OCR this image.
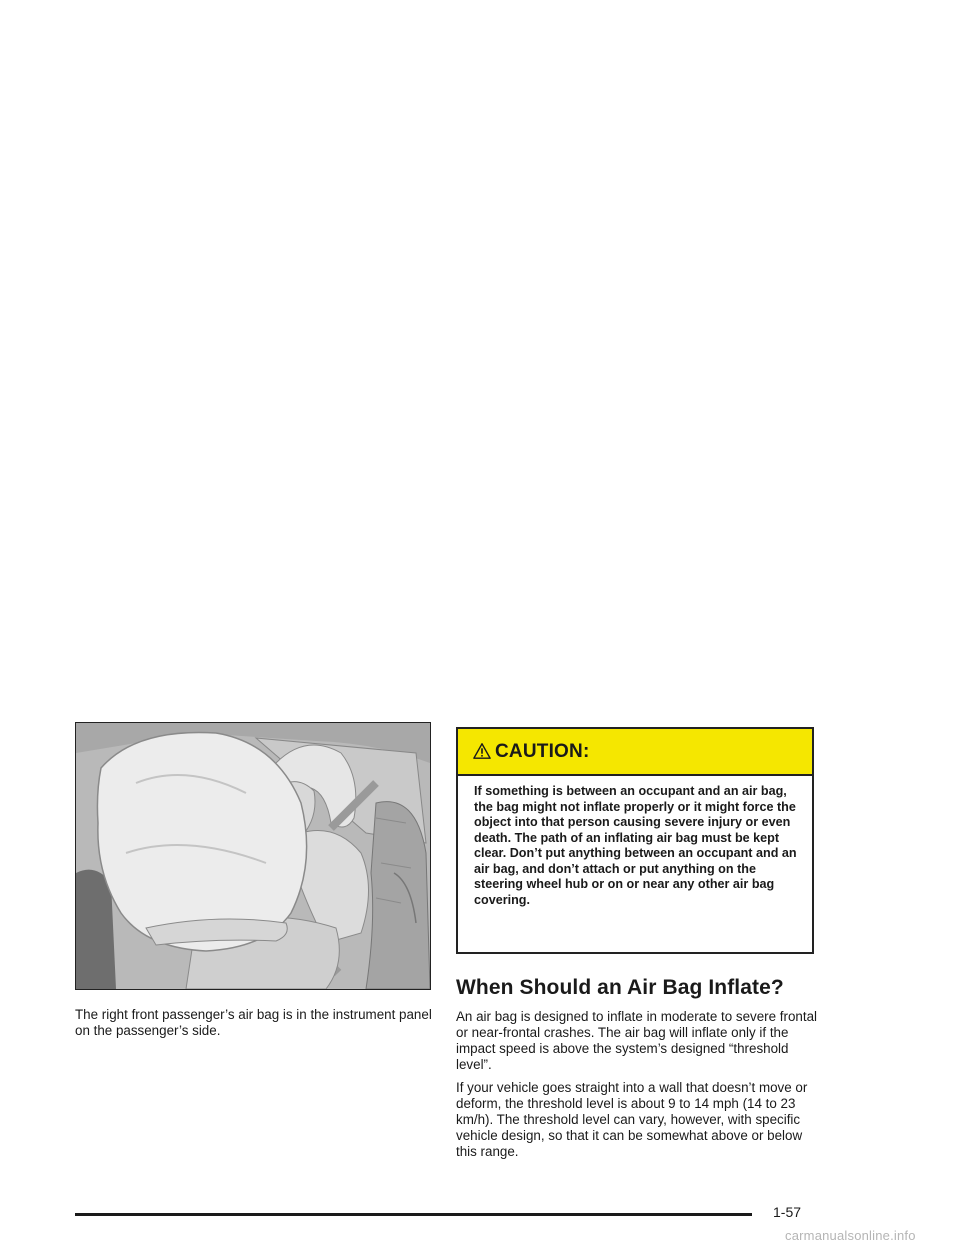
The right front passenger’s air bag is in the instrument panel on the passenger’s side.

CAUTION:

If something is between an occupant and an air bag, the bag might not inflate properly or it might force the object into that person causing severe injury or even death. The path of an inflating air bag must be kept clear. Don’t put anything between an occupant and an air bag, and don’t attach or put anything on the steering wheel hub or on or near any other air bag covering.

When Should an Air Bag Inflate?

An air bag is designed to inflate in moderate to severe frontal or near-frontal crashes. The air bag will inflate only if the impact speed is above the system’s designed “threshold level”.

If your vehicle goes straight into a wall that doesn’t move or deform, the threshold level is about 9 to 14 mph (14 to 23 km/h). The threshold level can vary, however, with specific vehicle design, so that it can be somewhat above or below this range.

1-57
carmanualsonline.info
